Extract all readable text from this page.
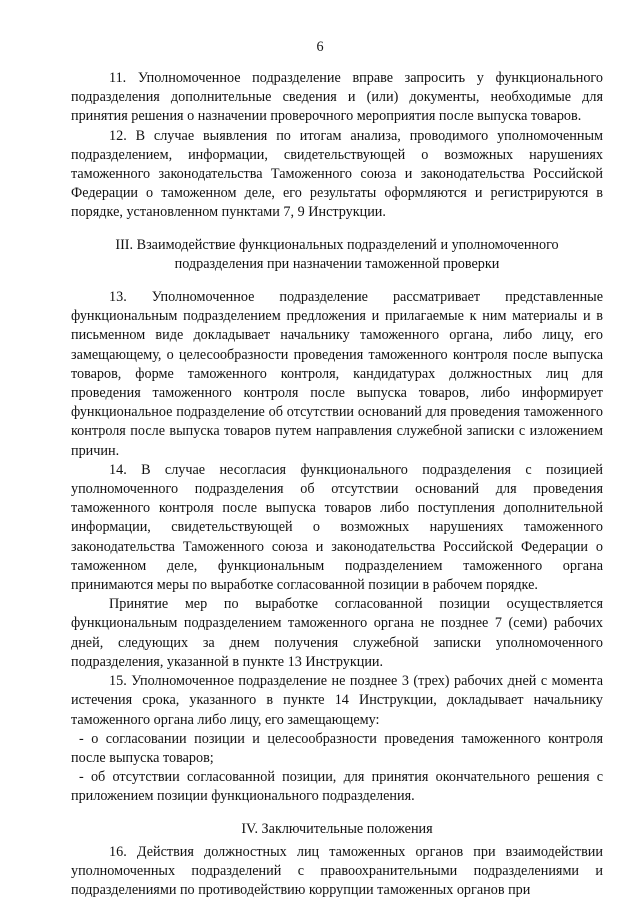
6

11. Уполномоченное подразделение вправе запросить у функционального подразделения дополнительные сведения и (или) документы, необходимые для принятия решения о назначении проверочного мероприятия после выпуска товаров.

12. В случае выявления по итогам анализа, проводимого уполномоченным подразделением, информации, свидетельствующей о возможных нарушениях таможенного законодательства Таможенного союза и законодательства Российской Федерации о таможенном деле, его результаты оформляются и регистрируются в порядке, установленном пунктами 7, 9 Инструкции.

III. Взаимодействие функциональных подразделений и уполномоченного
подразделения при назначении таможенной проверки

13. Уполномоченное подразделение рассматривает представленные функциональным подразделением предложения и прилагаемые к ним материалы и в письменном виде докладывает начальнику таможенного органа, либо лицу, его замещающему, о целесообразности проведения таможенного контроля после выпуска товаров, форме таможенного контроля, кандидатурах должностных лиц для проведения таможенного контроля после выпуска товаров, либо информирует функциональное подразделение об отсутствии оснований для проведения таможенного контроля после выпуска товаров путем направления служебной записки с изложением причин.

14. В случае несогласия функционального подразделения с позицией уполномоченного подразделения об отсутствии оснований для проведения таможенного контроля после выпуска товаров либо поступления дополнительной информации, свидетельствующей о возможных нарушениях таможенного законодательства Таможенного союза и законодательства Российской Федерации о таможенном деле, функциональным подразделением таможенного органа принимаются меры по выработке согласованной позиции в рабочем порядке.

Принятие мер по выработке согласованной позиции осуществляется функциональным подразделением таможенного органа не позднее 7 (семи) рабочих дней, следующих за днем получения служебной записки уполномоченного подразделения, указанной в пункте 13 Инструкции.

15. Уполномоченное подразделение не позднее 3 (трех) рабочих дней с момента истечения срока, указанного в пункте 14 Инструкции, докладывает начальнику таможенного органа либо лицу, его замещающему:

- о согласовании позиции и целесообразности проведения таможенного контроля после выпуска товаров;

- об отсутствии согласованной позиции, для принятия окончательного решения с приложением позиции функционального подразделения.

IV. Заключительные положения

16. Действия должностных лиц таможенных органов при взаимодействии уполномоченных подразделений с правоохранительными подразделениями и подразделениями по противодействию коррупции таможенных органов при
